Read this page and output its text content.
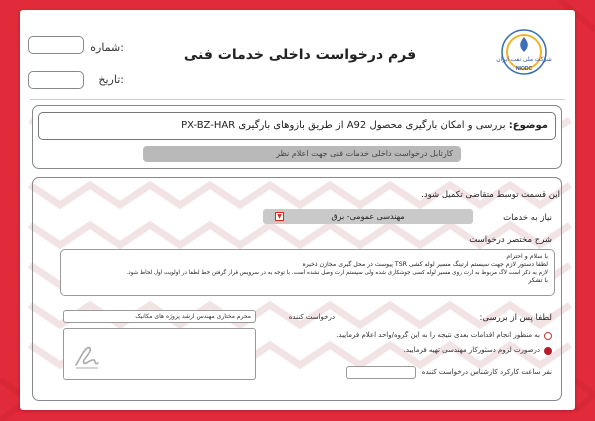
شرکت ملی نفت ایران
NIODC
فرم درخواست داخلی خدمات فنی
شماره:
تاریخ:
موضوع: بررسی و امکان بارگیری محصول A92 از طریق بازوهای بارگیری PX-BZ-HAR
کارتابل درخواست داخلی خدمات فنی جهت اعلام نظر
این قسمت توسط متقاضی تکمیل شود.
نیاز به خدمات
مهندسی عمومی- برق
▼
شرح مختصر درخواست
با سلام و احترام
لطفا دستور لازم جهت سیستم ارتینگ مسیر لوله کشی TSR پیوست در محل گیری مخازن ذخیره
لازم به ذکر است لاگ مربوط به ارت روی مسیر لوله کسی جوشکاری شده ولی سیستم ارت وصل نشده است. با توجه به در سرویس قرار گرفتن خط لطفا در اولویت اول لحاظ شود.
با تشکر
درخواست کننده
محرم مختاری مهندس ارشد پروژه های مکانیک	لطفا پس از بررسی:
به منظور انجام اقدامات بعدی نتیجه را به این گروه/واحد اعلام فرمایید.
درصورت لزوم دستورکار مهندسی تهیه فرمایید.
نفر ساعت کارکرد کارشناس درخواست کننده
